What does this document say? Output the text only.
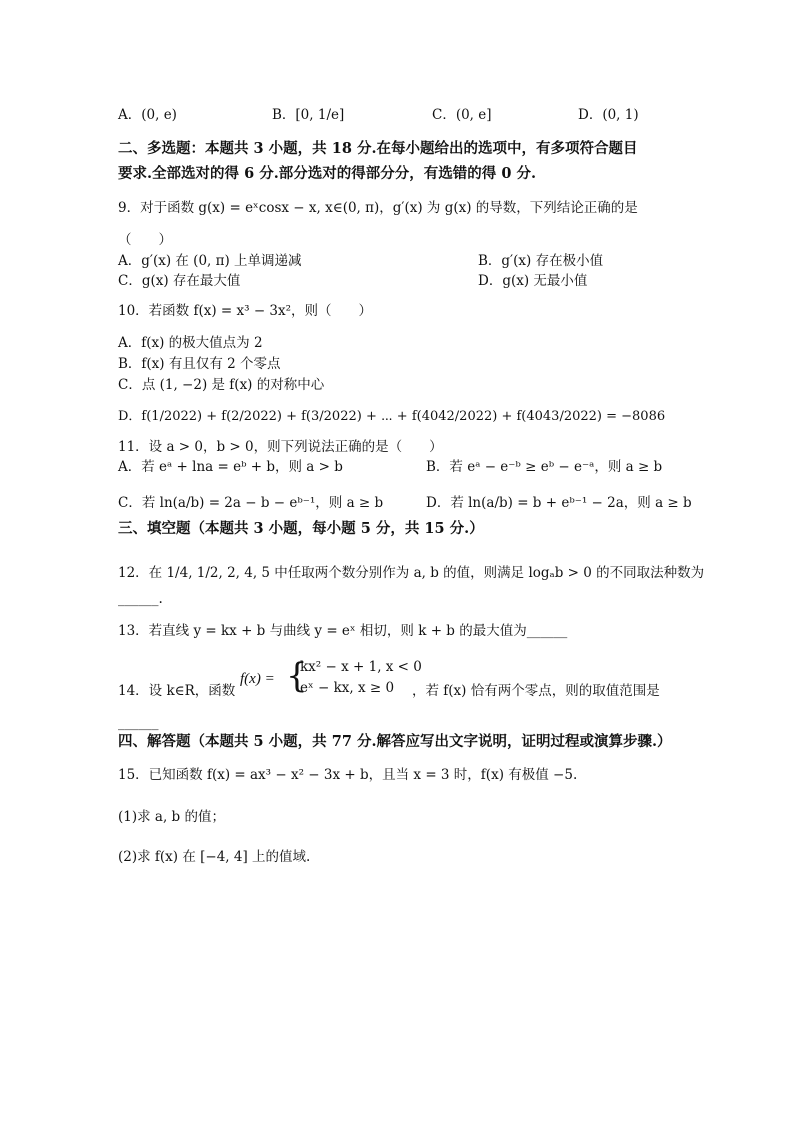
A．(0, e)	B．[0, 1/e]	C．(0, e]	D．(0, 1)
二、多选题：本题共 3 小题，共 18 分.在每小题给出的选项中，有多项符合题目
要求.全部选对的得 6 分.部分选对的得部分分，有选错的得 0 分.
9．对于函数 g(x) = eˣcosx − x, x∈(0, π)，g′(x) 为 g(x) 的导数，下列结论正确的是
（　　）
A．g′(x) 在 (0, π) 上单调递减	B．g′(x) 存在极小值
C．g(x) 存在最大值	D．g(x) 无最小值
10．若函数 f(x) = x³ − 3x²，则（　　）
A．f(x) 的极大值点为 2
B．f(x) 有且仅有 2 个零点
C．点 (1, −2) 是 f(x) 的对称中心
D．f(1/2022) + f(2/2022) + f(3/2022) + ⋯ + f(4042/2022) + f(4043/2022) = −8086
11．设 a > 0，b > 0，则下列说法正确的是（　　）
A．若 eᵃ + lna = eᵇ + b，则 a > b	B．若 eᵃ − e⁻ᵇ ≥ eᵇ − e⁻ᵃ，则 a ≥ b
C．若 ln(a/b) = 2a − b − eᵇ⁻¹，则 a ≥ b	D．若 ln(a/b) = b + eᵇ⁻¹ − 2a，则 a ≥ b
三、填空题（本题共 3 小题，每小题 5 分，共 15 分.）
12．在 1/4, 1/2, 2, 4, 5 中任取两个数分别作为 a, b 的值，则满足 logₐb > 0 的不同取法种数为
______.
13．若直线 y = kx + b 与曲线 y = eˣ 相切，则 k + b 的最大值为______
14．设 k∈R，函数
f(x) = {
kx² − x + 1, x < 0
eˣ − kx, x ≥ 0 ，若 f(x) 恰有两个零点，则的取值范围是
______
四、解答题（本题共 5 小题，共 77 分.解答应写出文字说明，证明过程或演算步骤.）
15．已知函数 f(x) = ax³ − x² − 3x + b，且当 x = 3 时，f(x) 有极值 −5.
(1)求 a, b 的值；
(2)求 f(x) 在 [−4, 4] 上的值域.
